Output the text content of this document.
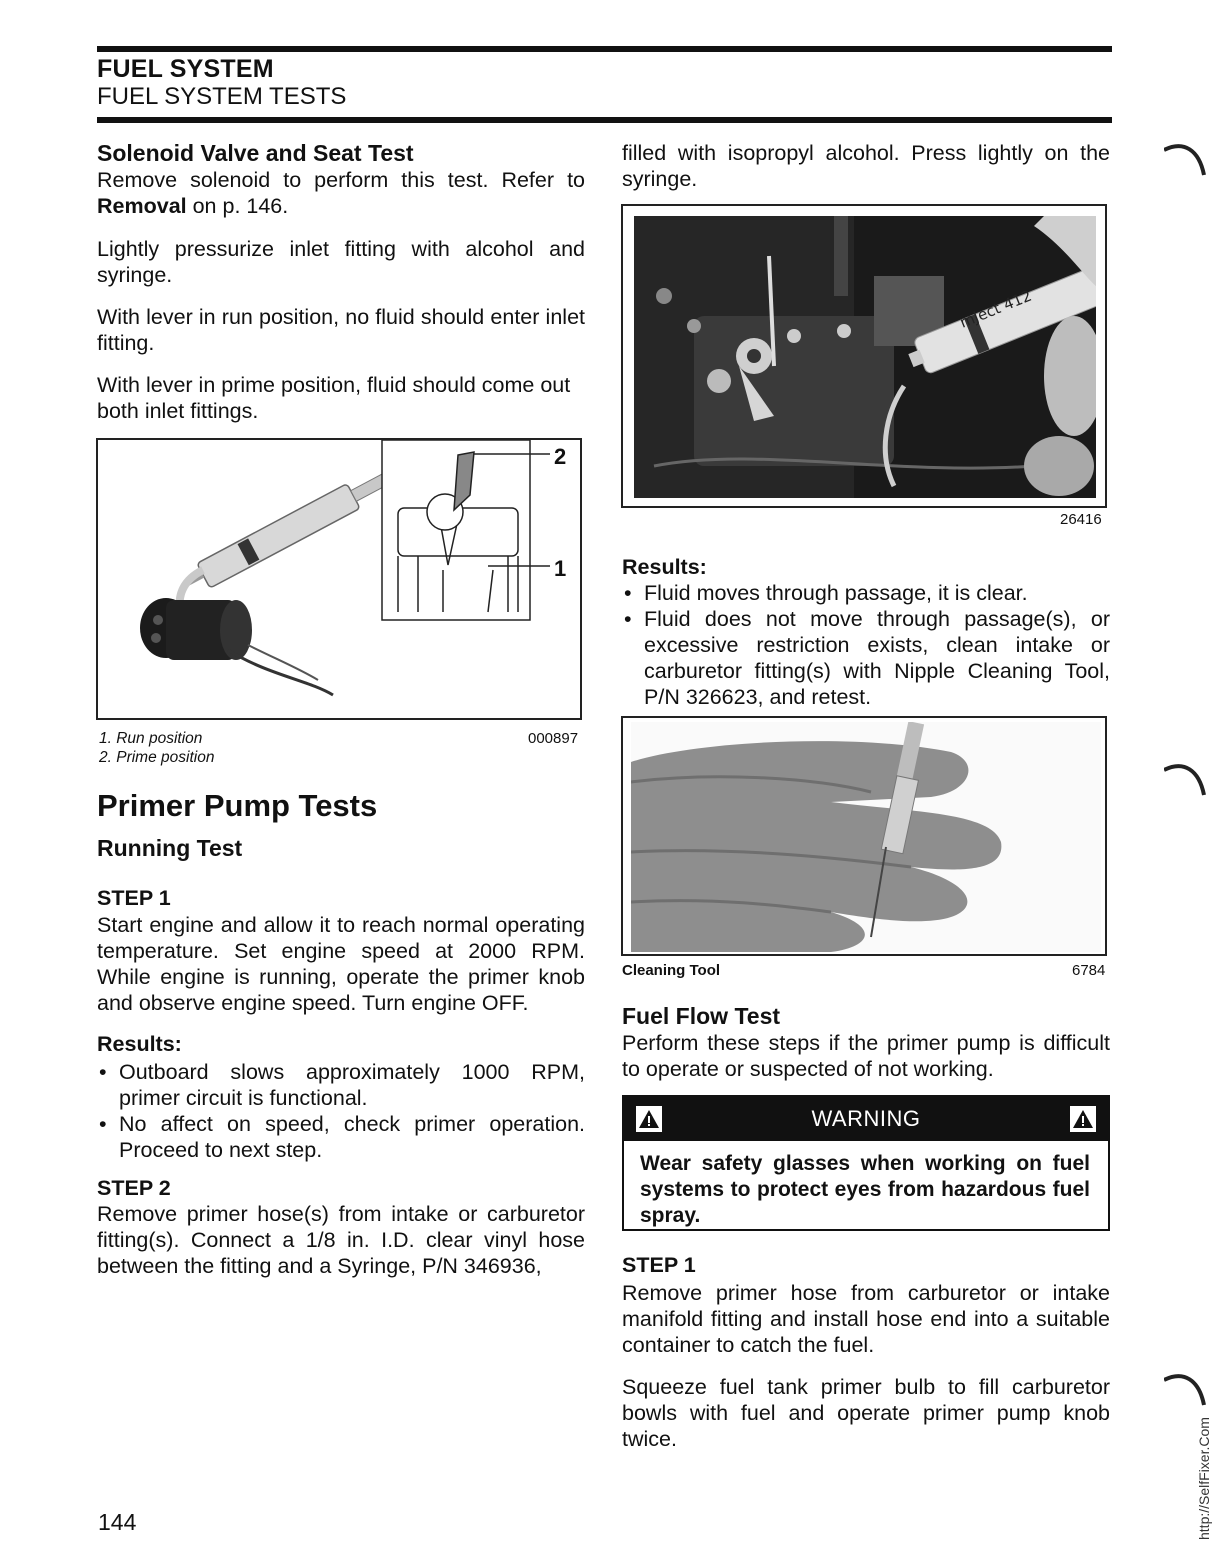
FUEL SYSTEM
FUEL SYSTEM TESTS
Solenoid Valve and Seat Test
Remove solenoid to perform this test. Refer to Removal on p. 146.
Lightly pressurize inlet fitting with alcohol and syringe.
With lever in run position, no fluid should enter inlet fitting.
With lever in prime position, fluid should come out both inlet fittings.
2
1
1. Run position
2. Prime position
000897
Primer Pump Tests
Running Test
STEP 1
Start engine and allow it to reach normal operating temperature. Set engine speed at 2000 RPM. While engine is running, operate the primer knob and observe engine speed. Turn engine OFF.
Results:
• Outboard slows approximately 1000 RPM, primer circuit is functional.
• No affect on speed, check primer operation. Proceed to next step.
STEP 2
Remove primer hose(s) from intake or carburetor fitting(s). Connect a 1/8 in. I.D. clear vinyl hose between the fitting and a Syringe, P/N 346936,
filled with isopropyl alcohol. Press lightly on the syringe.
mJect 412
26416
Results:
• Fluid moves through passage, it is clear.
• Fluid does not move through passage(s), or excessive restriction exists, clean intake or carburetor fitting(s) with Nipple Cleaning Tool, P/N 326623, and retest.
Cleaning Tool	6784
Fuel Flow Test
Perform these steps if the primer pump is difficult to operate or suspected of not working.
WARNING
Wear safety glasses when working on fuel systems to protect eyes from hazardous fuel spray.
STEP 1
Remove primer hose from carburetor or intake manifold fitting and install hose end into a suitable container to catch the fuel.
Squeeze fuel tank primer bulb to fill carburetor bowls with fuel and operate primer pump knob twice.
144	http://SelfFixer.Com
